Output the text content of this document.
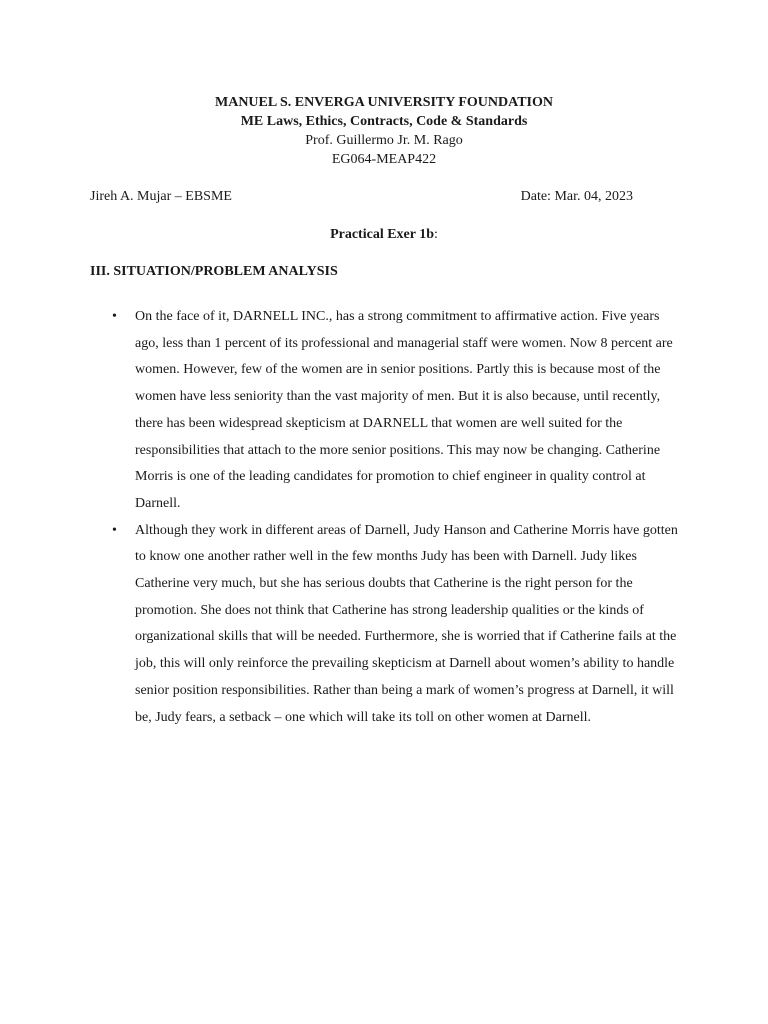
MANUEL S. ENVERGA UNIVERSITY FOUNDATION
ME Laws, Ethics, Contracts, Code & Standards
Prof. Guillermo Jr. M. Rago
EG064-MEAP422
Jireh A. Mujar – EBSME	Date: Mar. 04, 2023
Practical Exer 1b:
III. SITUATION/PROBLEM ANALYSIS
• On the face of it, DARNELL INC., has a strong commitment to affirmative action. Five years ago, less than 1 percent of its professional and managerial staff were women. Now 8 percent are women. However, few of the women are in senior positions. Partly this is because most of the women have less seniority than the vast majority of men. But it is also because, until recently, there has been widespread skepticism at DARNELL that women are well suited for the responsibilities that attach to the more senior positions. This may now be changing. Catherine Morris is one of the leading candidates for promotion to chief engineer in quality control at Darnell.
• Although they work in different areas of Darnell, Judy Hanson and Catherine Morris have gotten to know one another rather well in the few months Judy has been with Darnell. Judy likes Catherine very much, but she has serious doubts that Catherine is the right person for the promotion. She does not think that Catherine has strong leadership qualities or the kinds of organizational skills that will be needed. Furthermore, she is worried that if Catherine fails at the job, this will only reinforce the prevailing skepticism at Darnell about women’s ability to handle senior position responsibilities. Rather than being a mark of women’s progress at Darnell, it will be, Judy fears, a setback – one which will take its toll on other women at Darnell.
